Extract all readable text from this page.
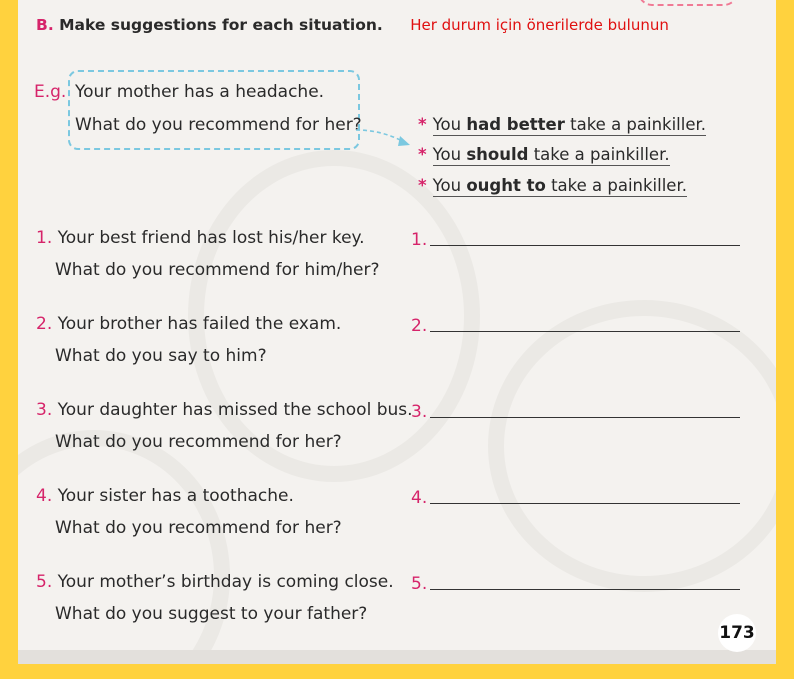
B. Make suggestions for each situation. Her durum için önerilerde bulunun
E.g. Your mother has a headache.
What do you recommend for her?	* You had better take a painkiller.
* You should take a painkiller.
* You ought to take a painkiller.
1. Your best friend has lost his/her key.
What do you recommend for him/her?
1.
2. Your brother has failed the exam.
What do you say to him?
2.
3. Your daughter has missed the school bus.
What do you recommend for her?
3.
4. Your sister has a toothache.
What do you recommend for her?
4.
5. Your mother’s birthday is coming close.
What do you suggest to your father?
5.
173
